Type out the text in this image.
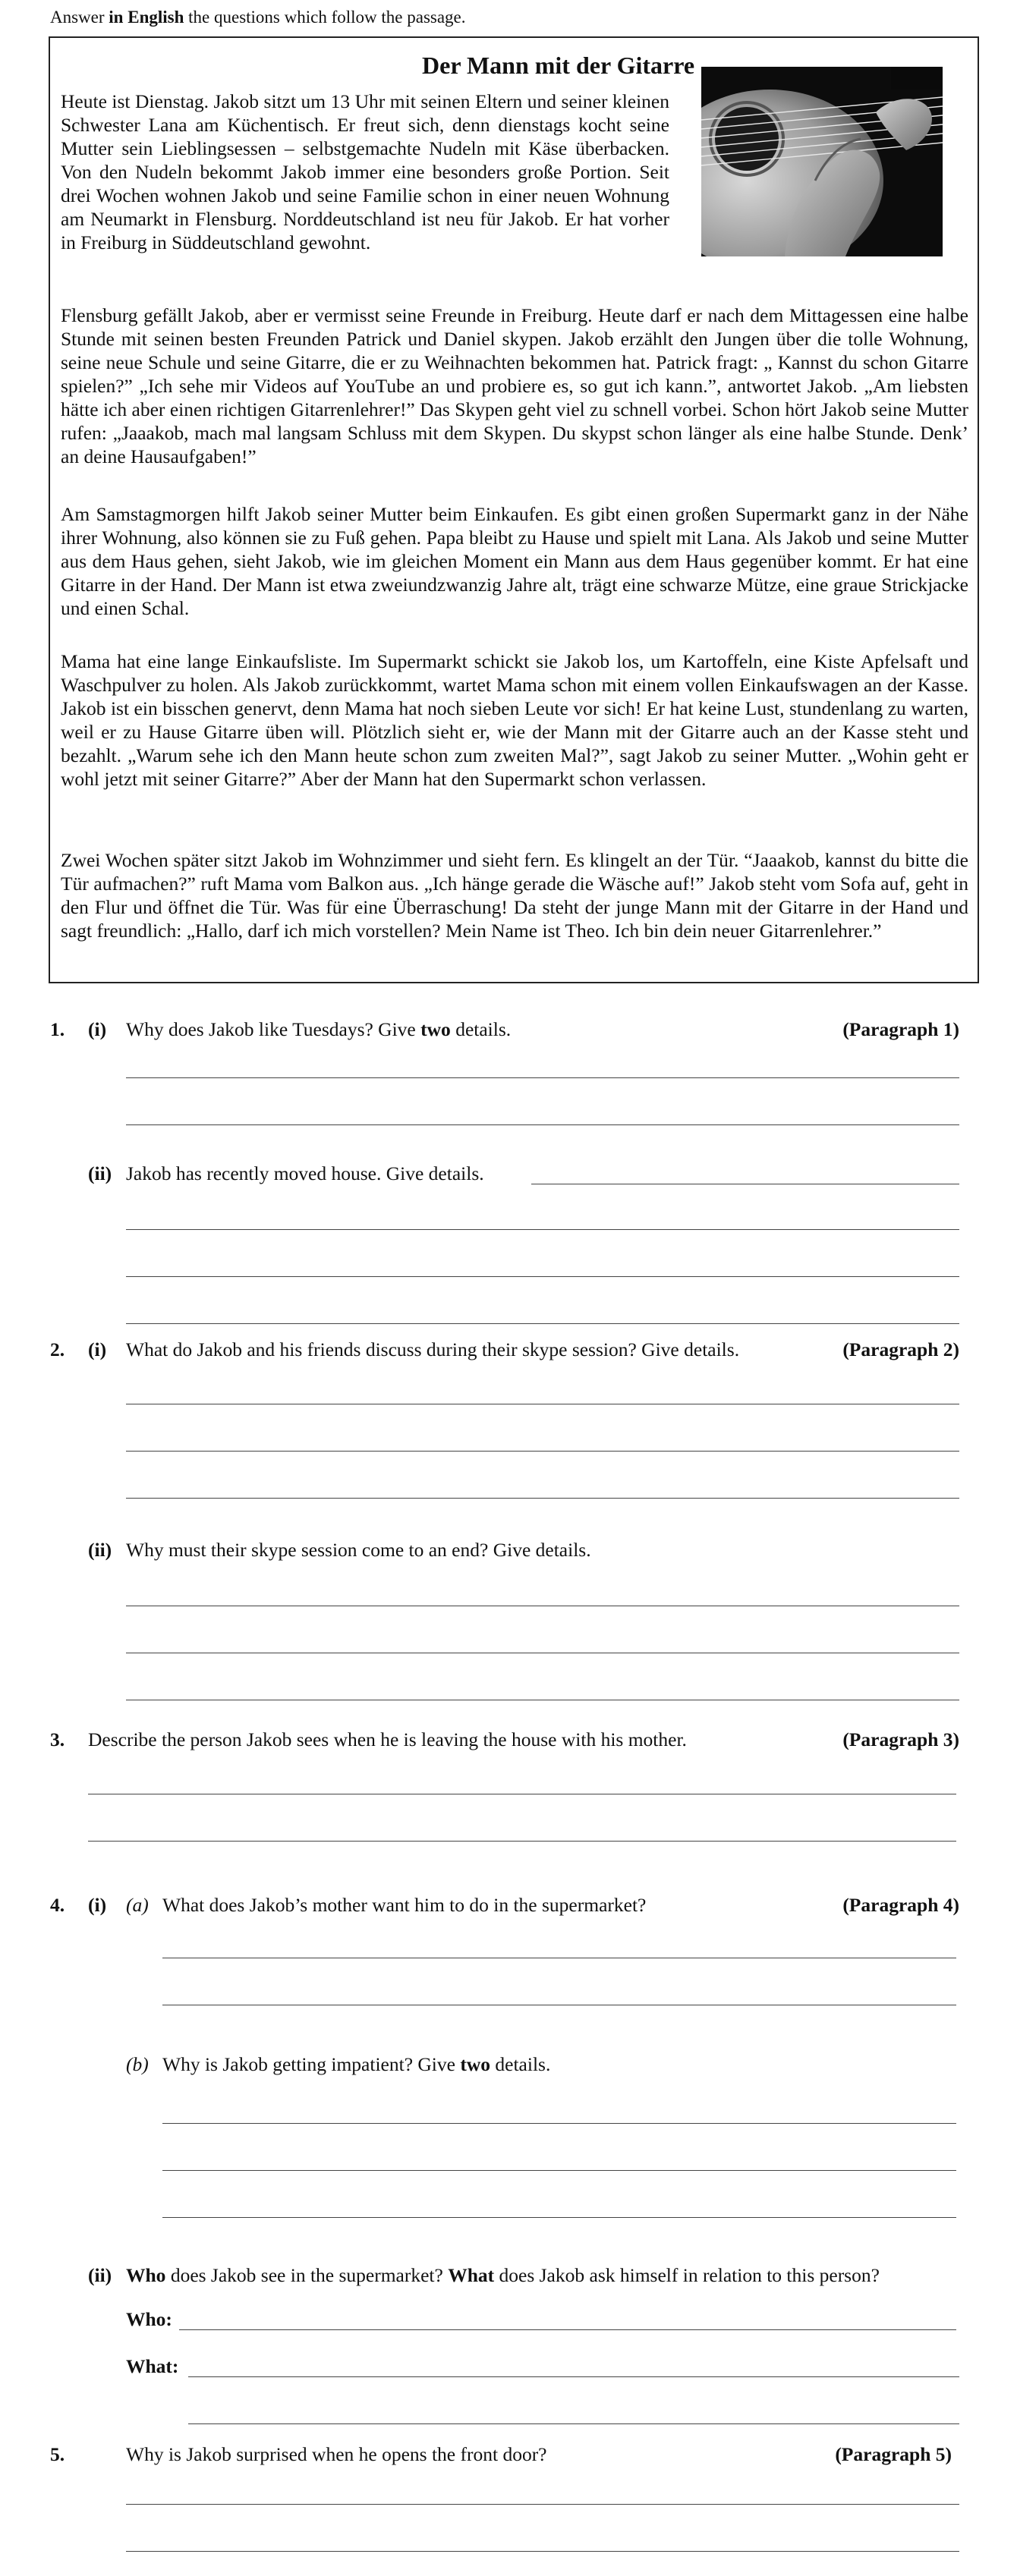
Answer in English the questions which follow the passage.
Der Mann mit der Gitarre

Heute ist Dienstag. Jakob sitzt um 13 Uhr mit seinen Eltern und seiner kleinen Schwester Lana am Küchentisch. Er freut sich, denn dienstags kocht seine Mutter sein Lieblingsessen – selbstgemachte Nudeln mit Käse überbacken. Von den Nudeln bekommt Jakob immer eine besonders große Portion. Seit drei Wochen wohnen Jakob und seine Familie schon in einer neuen Wohnung am Neumarkt in Flensburg. Norddeutschland ist neu für Jakob. Er hat vorher in Freiburg in Süddeutschland gewohnt.

Flensburg gefällt Jakob, aber er vermisst seine Freunde in Freiburg. Heute darf er nach dem Mittagessen eine halbe Stunde mit seinen besten Freunden Patrick und Daniel skypen. Jakob erzählt den Jungen über die tolle Wohnung, seine neue Schule und seine Gitarre, die er zu Weihnachten bekommen hat. Patrick fragt: „ Kannst du schon Gitarre spielen?” „Ich sehe mir Videos auf YouTube an und probiere es, so gut ich kann.”, antwortet Jakob. „Am liebsten hätte ich aber einen richtigen Gitarrenlehrer!” Das Skypen geht viel zu schnell vorbei. Schon hört Jakob seine Mutter rufen: „Jaaakob, mach mal langsam Schluss mit dem Skypen. Du skypst schon länger als eine halbe Stunde. Denk’ an deine Hausaufgaben!”

Am Samstagmorgen hilft Jakob seiner Mutter beim Einkaufen. Es gibt einen großen Supermarkt ganz in der Nähe ihrer Wohnung, also können sie zu Fuß gehen. Papa bleibt zu Hause und spielt mit Lana. Als Jakob und seine Mutter aus dem Haus gehen, sieht Jakob, wie im gleichen Moment ein Mann aus dem Haus gegenüber kommt. Er hat eine Gitarre in der Hand. Der Mann ist etwa zweiundzwanzig Jahre alt, trägt eine schwarze Mütze, eine graue Strickjacke und einen Schal.

Mama hat eine lange Einkaufsliste. Im Supermarkt schickt sie Jakob los, um Kartoffeln, eine Kiste Apfelsaft und Waschpulver zu holen. Als Jakob zurückkommt, wartet Mama schon mit einem vollen Einkaufswagen an der Kasse. Jakob ist ein bisschen genervt, denn Mama hat noch sieben Leute vor sich! Er hat keine Lust, stundenlang zu warten, weil er zu Hause Gitarre üben will. Plötzlich sieht er, wie der Mann mit der Gitarre auch an der Kasse steht und bezahlt. „Warum sehe ich den Mann heute schon zum zweiten Mal?”, sagt Jakob zu seiner Mutter. „Wohin geht er wohl jetzt mit seiner Gitarre?” Aber der Mann hat den Supermarkt schon verlassen.

Zwei Wochen später sitzt Jakob im Wohnzimmer und sieht fern. Es klingelt an der Tür. “Jaaakob, kannst du bitte die Tür aufmachen?” ruft Mama vom Balkon aus. „Ich hänge gerade die Wäsche auf!” Jakob steht vom Sofa auf, geht in den Flur und öffnet die Tür. Was für eine Überraschung! Da steht der junge Mann mit der Gitarre in der Hand und sagt freundlich: „Hallo, darf ich mich vorstellen? Mein Name ist Theo. Ich bin dein neuer Gitarrenlehrer.”

1. (i) Why does Jakob like Tuesdays? Give two details.	(Paragraph 1)
(ii) Jakob has recently moved house. Give details.
2. (i) What do Jakob and his friends discuss during their skype session? Give details.	(Paragraph 2)
(ii) Why must their skype session come to an end? Give details.
3. Describe the person Jakob sees when he is leaving the house with his mother.	(Paragraph 3)
4. (i) (a) What does Jakob’s mother want him to do in the supermarket?	(Paragraph 4)
(b) Why is Jakob getting impatient? Give two details.
(ii) Who does Jakob see in the supermarket? What does Jakob ask himself in relation to this person?
Who:
What:
5.	Why is Jakob surprised when he opens the front door?	(Paragraph 5)
